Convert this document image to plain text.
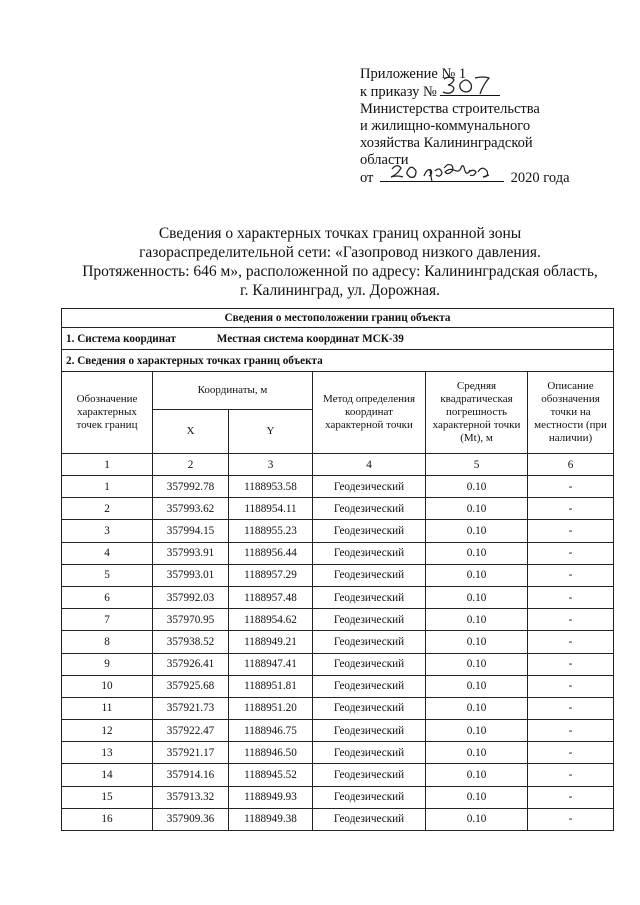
Приложение № 1
к приказу №
Министерства строительства
и жилищно-коммунального
хозяйства Калининградской
области
от	2020 года
Сведения о характерных точках границ охранной зоны
газораспределительной сети: «Газопровод низкого давления.
Протяженность: 646 м», расположенной по адресу: Калининградская область,
г. Калининград, ул. Дорожная.
Сведения о местоположении границ объекта					
1. Система координат Местная система координат МСК-39					
2. Сведения о характерных точках границ объекта					
Обозначение характерных точек границ	Координаты, м		Метод определения координат характерной точки	Средняя квадратическая погрешность характерной точки (Mt), м	Описание обозначения точки на местности (при наличии)
	X	Y			
1	2	3	4	5	6
1	357992.78	1188953.58	Геодезический	0.10	-
2	357993.62	1188954.11	Геодезический	0.10	-
3	357994.15	1188955.23	Геодезический	0.10	-
4	357993.91	1188956.44	Геодезический	0.10	-
5	357993.01	1188957.29	Геодезический	0.10	-
6	357992.03	1188957.48	Геодезический	0.10	-
7	357970.95	1188954.62	Геодезический	0.10	-
8	357938.52	1188949.21	Геодезический	0.10	-
9	357926.41	1188947.41	Геодезический	0.10	-
10	357925.68	1188951.81	Геодезический	0.10	-
11	357921.73	1188951.20	Геодезический	0.10	-
12	357922.47	1188946.75	Геодезический	0.10	-
13	357921.17	1188946.50	Геодезический	0.10	-
14	357914.16	1188945.52	Геодезический	0.10	-
15	357913.32	1188949.93	Геодезический	0.10	-
16	357909.36	1188949.38	Геодезический	0.10	-
